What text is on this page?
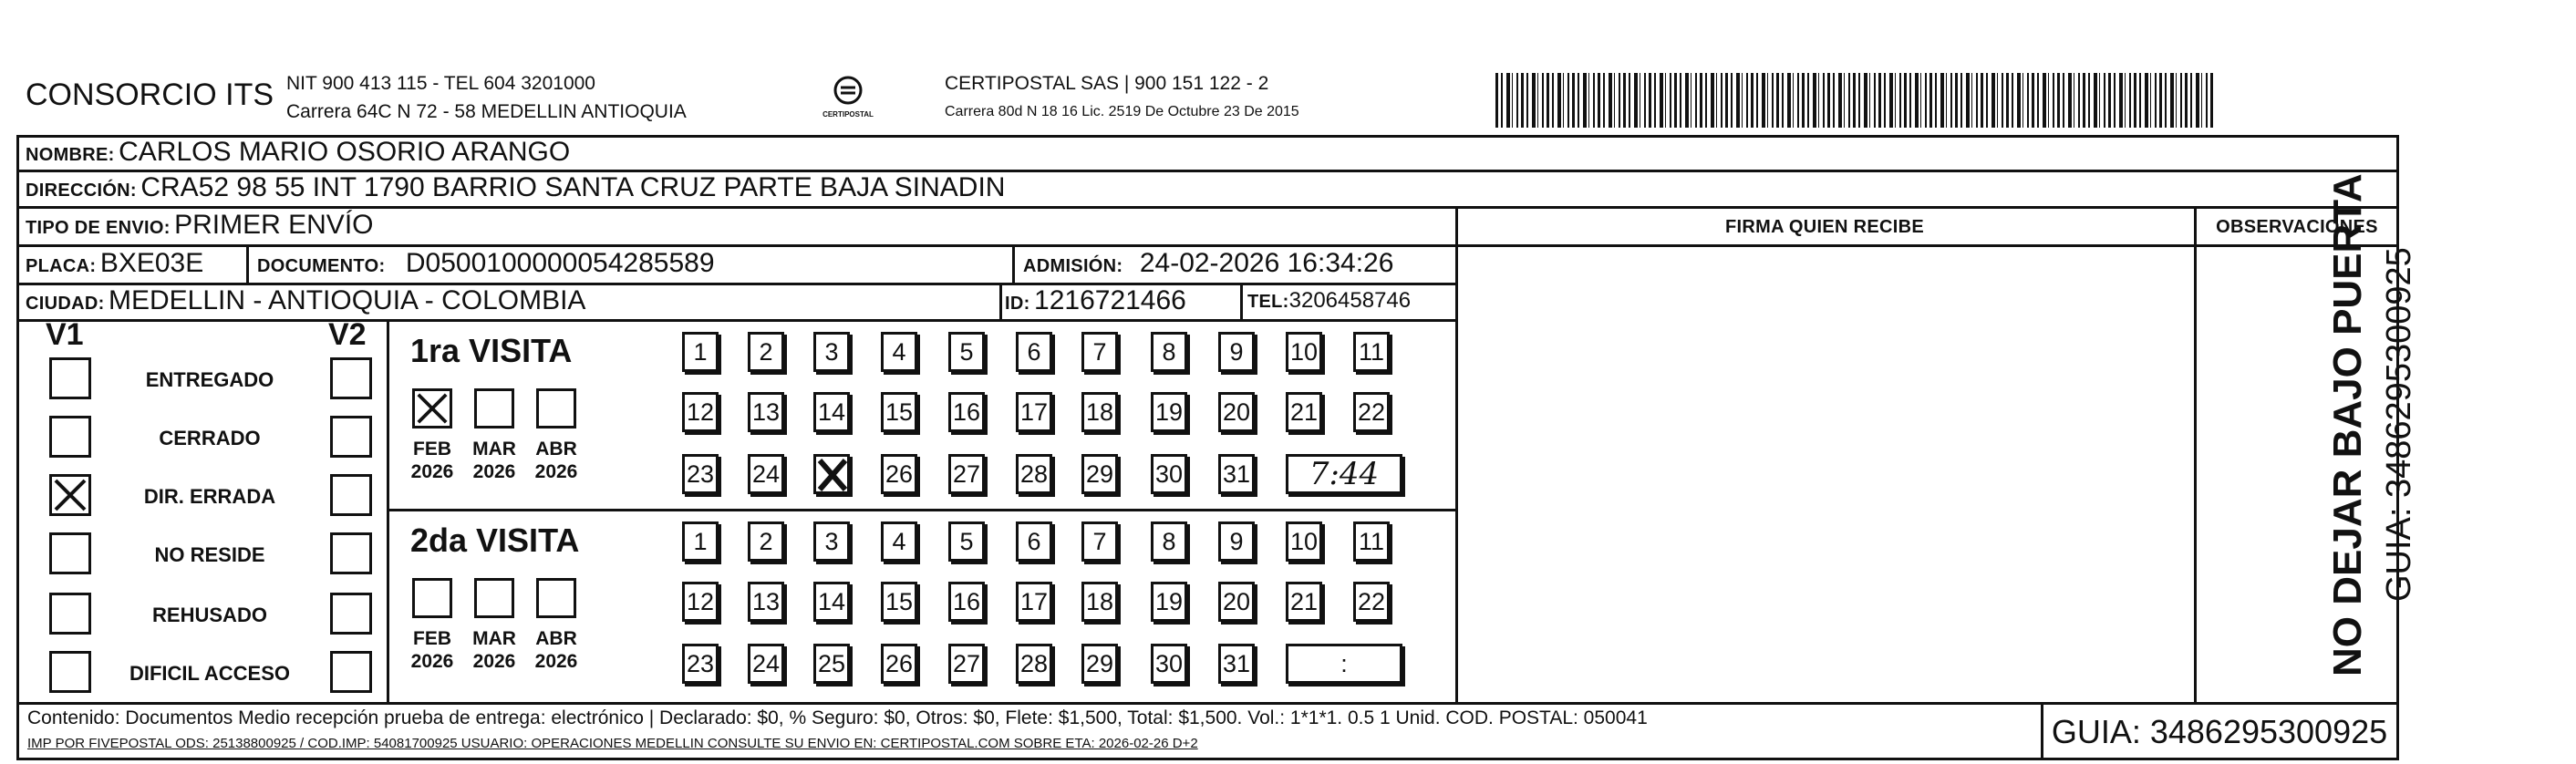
CONSORCIO ITS NIT 900 413 115 - TEL 604 3201000
Carrera 64C N 72 - 58 MEDELLIN ANTIOQUIA	CERTIPOSTAL
CERTIPOSTAL SAS | 900 151 122 - 2
Carrera 80d N 18 16 Lic. 2519 De Octubre 23 De 2015
NOMBRE: CARLOS MARIO OSORIO ARANGO
DIRECCIÓN: CRA52 98 55 INT 1790 BARRIO SANTA CRUZ PARTE BAJA SINADIN
TIPO DE ENVIO: PRIMER ENVÍO	FIRMA QUIEN RECIBE	OBSERVACIONES
PLACA: BXE03E	DOCUMENTO: D0500100000054285589	ADMISIÓN: 24-02-2026 16:34:26
CIUDAD: MEDELLIN - ANTIOQUIA - COLOMBIA	ID: 1216721466	TEL:3206458746
V1	V2
ENTREGADO
CERRADO
DIR. ERRADA
NO RESIDE
REHUSADO
DIFICIL ACCESO
1ra VISITA
FEB
2026
MAR
2026
ABR
2026
1	2	3	4	5	6	7	8	9	10 11
12 13 14 15 16 17 18 19 20 21 22
23 24	26 27 28 29 30 31	7:44
2da VISITA
FEB
2026
MAR
2026
ABR
2026
1	2	3	4	5	6	7	8	9	10 11
12 13 14 15 16 17 18 19 20 21 22
23 24 25 26 27 28 29 30 31	:
Contenido: Documentos Medio recepción prueba de entrega: electrónico | Declarado: $0, % Seguro: $0, Otros: $0, Flete: $1,500, Total: $1,500. Vol.: 1*1*1. 0.5 1 Unid. COD. POSTAL: 050041
IMP POR FIVEPOSTAL ODS: 25138800925 / COD.IMP: 54081700925 USUARIO: OPERACIONES MEDELLIN CONSULTE SU ENVIO EN: CERTIPOSTAL.COM SOBRE ETA: 2026-02-26 D+2	GUIA: 3486295300925
NO DEJAR BAJO PUERTA GUIA: 3486295300925
